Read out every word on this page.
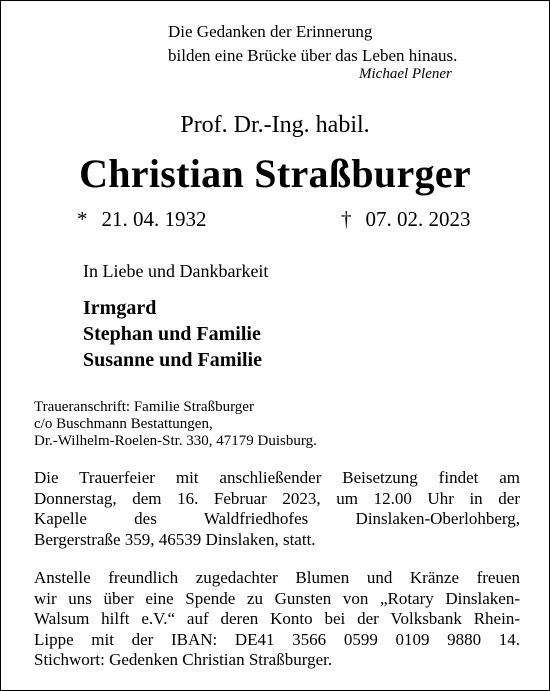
Die Gedanken der Erinnerung
bilden eine Brücke über das Leben hinaus.
Michael Plener
Prof. Dr.-Ing. habil.
Christian Straßburger
* 21. 04. 1932	† 07. 02. 2023
In Liebe und Dankbarkeit
Irmgard
Stephan und Familie
Susanne und Familie
Traueranschrift: Familie Straßburger
c/o Buschmann Bestattungen,
Dr.-Wilhelm-Roelen-Str. 330, 47179 Duisburg.
Die Trauerfeier mit anschließender Beisetzung findet am
Donnerstag, dem 16. Februar 2023, um 12.00 Uhr in der
Kapelle des Waldfriedhofes Dinslaken-Oberlohberg,
Bergerstraße 359, 46539 Dinslaken, statt.
Anstelle freundlich zugedachter Blumen und Kränze freuen
wir uns über eine Spende zu Gunsten von „Rotary Dinslaken-
Walsum hilft e.V.“ auf deren Konto bei der Volksbank Rhein-
Lippe mit der IBAN: DE41 3566 0599 0109 9880 14.
Stichwort: Gedenken Christian Straßburger.
